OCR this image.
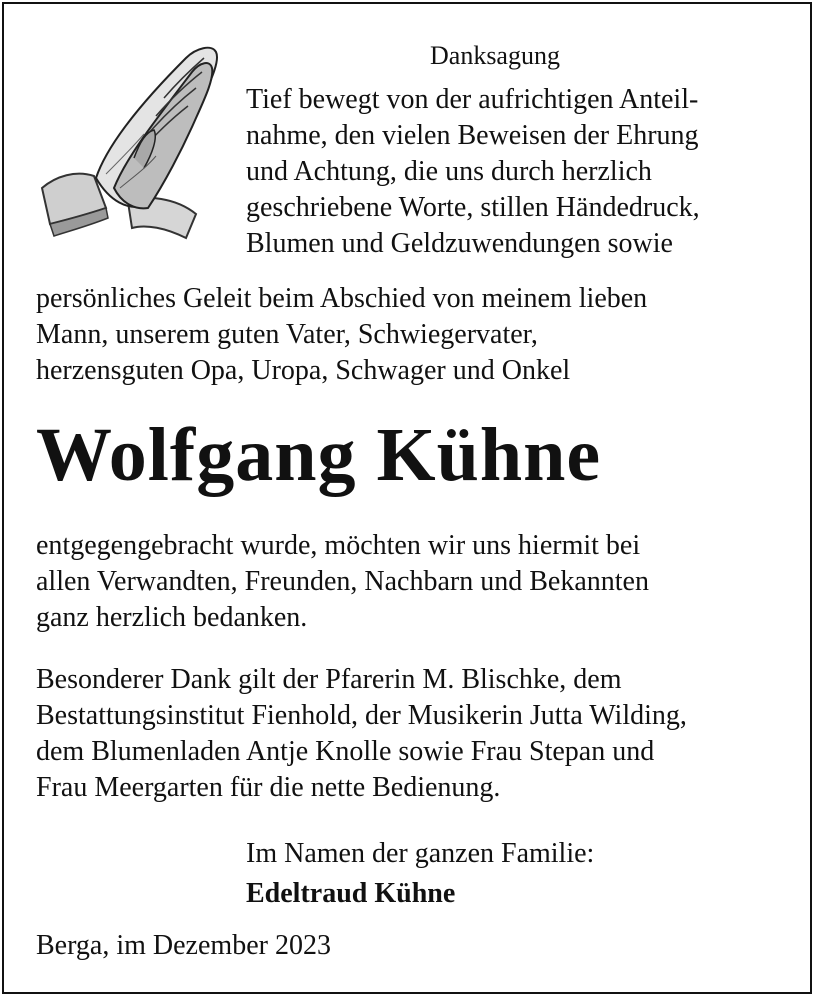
Danksagung

Tief bewegt von der aufrichtigen Anteil-
nahme, den vielen Beweisen der Ehrung
und Achtung, die uns durch herzlich
geschriebene Worte, stillen Händedruck,
Blumen und Geldzuwendungen sowie

persönliches Geleit beim Abschied von meinem lieben
Mann, unserem guten Vater, Schwiegervater,
herzensguten Opa, Uropa, Schwager und Onkel

Wolfgang Kühne

entgegengebracht wurde, möchten wir uns hiermit bei
allen Verwandten, Freunden, Nachbarn und Bekannten
ganz herzlich bedanken.

Besonderer Dank gilt der Pfarerin M. Blischke, dem
Bestattungsinstitut Fienhold, der Musikerin Jutta Wilding,
dem Blumenladen Antje Knolle sowie Frau Stepan und
Frau Meergarten für die nette Bedienung.

Im Namen der ganzen Familie:

Edeltraud Kühne

Berga, im Dezember 2023
